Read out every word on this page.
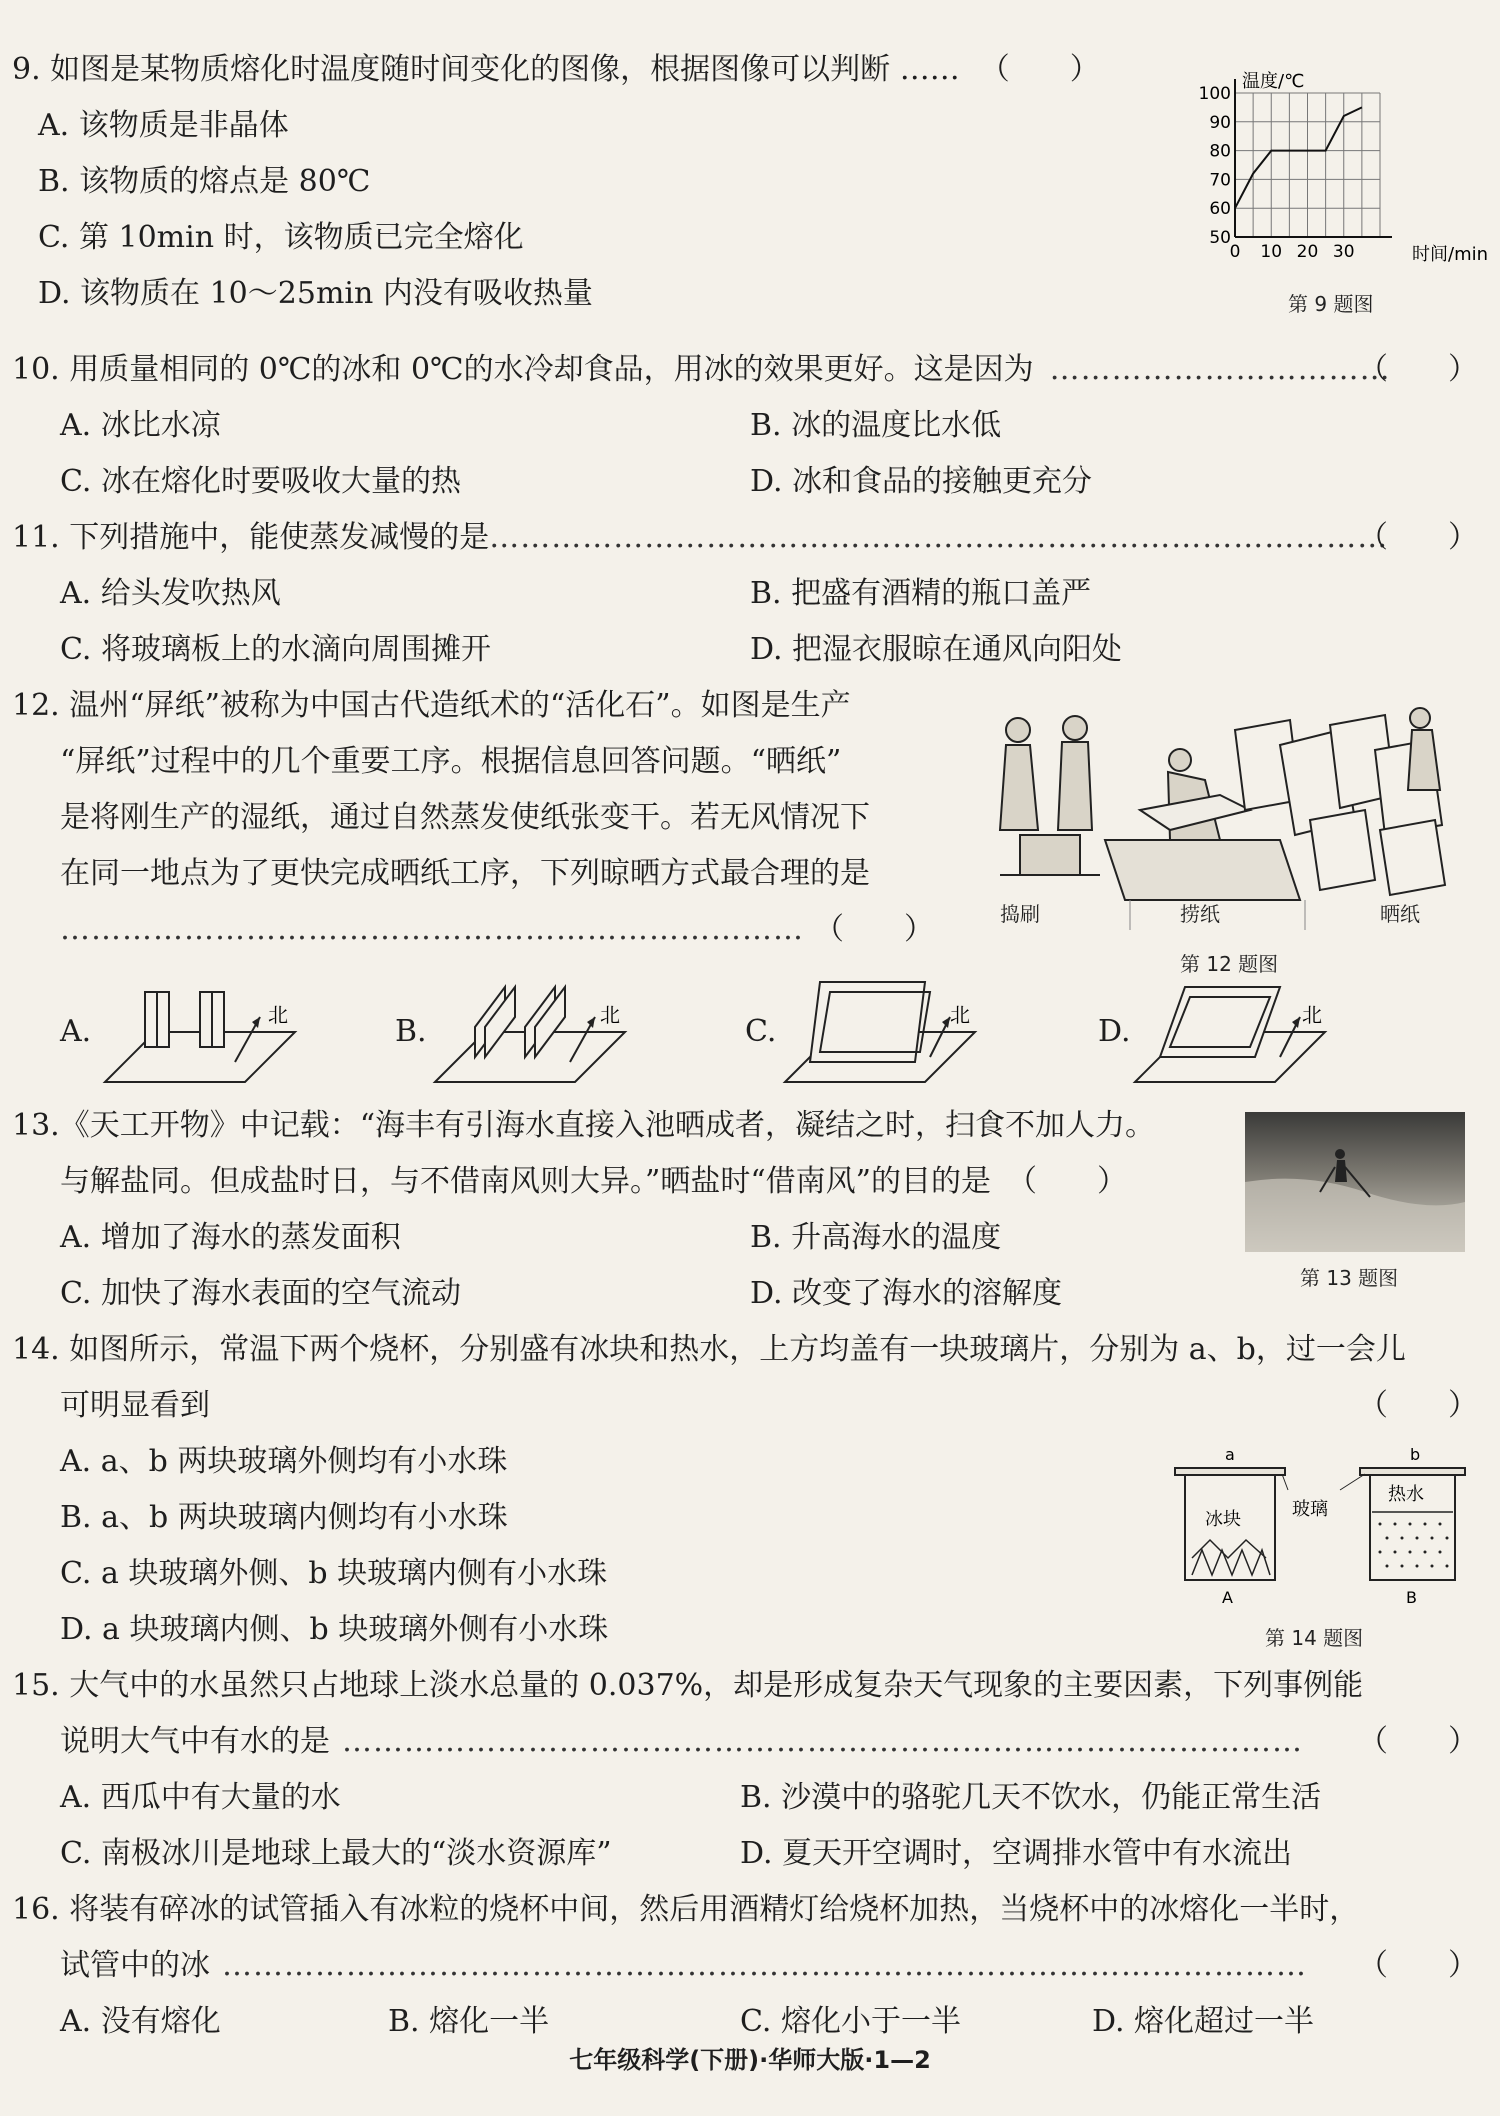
9. 如图是某物质熔化时温度随时间变化的图像，根据图像可以判断 …… （　　）
A. 该物质是非晶体
B. 该物质的熔点是 80℃
C. 第 10min 时，该物质已完全熔化
D. 该物质在 10～25min 内没有吸收热量
温度/℃
时间/min
50
60
70
80
90
100
0 10 20 30
第 9 题图
10. 用质量相同的 0℃的冰和 0℃的水冷却食品，用冰的效果更好。这是因为 ……………………………
（　　）
A. 冰比水凉	B. 冰的温度比水低
C. 冰在熔化时要吸收大量的热	D. 冰和食品的接触更充分
11. 下列措施中，能使蒸发减慢的是……………………………………………………………………………
（　　）
A. 给头发吹热风	B. 把盛有酒精的瓶口盖严
C. 将玻璃板上的水滴向周围摊开	D. 把湿衣服晾在通风向阳处
12. 温州“屏纸”被称为中国古代造纸术的“活化石”。如图是生产
“屏纸”过程中的几个重要工序。根据信息回答问题。“晒纸”
是将刚生产的湿纸，通过自然蒸发使纸张变干。若无风情况下
在同一地点为了更快完成晒纸工序，下列晾晒方式最合理的是
……………………………………………………………… （　　）	捣刷	捞纸	晒纸
第 12 题图
A.	北	B.	北	C.	北	D.	北
13.《天工开物》中记载：“海丰有引海水直接入池晒成者，凝结之时，扫食不加人力。
与解盐同。但成盐时日，与不借南风则大异。”晒盐时“借南风”的目的是 （　　）
A. 增加了海水的蒸发面积	B. 升高海水的温度
C. 加快了海水表面的空气流动	D. 改变了海水的溶解度	第 13 题图
14. 如图所示，常温下两个烧杯，分别盛有冰块和热水，上方均盖有一块玻璃片，分别为 a、b，过一会儿
可明显看到	（　　）
A. a、b 两块玻璃外侧均有小水珠
B. a、b 两块玻璃内侧均有小水珠
C. a 块玻璃外侧、b 块玻璃内侧有小水珠
D. a 块玻璃内侧、b 块玻璃外侧有小水珠
a	b
冰块
A
玻璃
热水
B
第 14 题图
15. 大气中的水虽然只占地球上淡水总量的 0.037%，却是形成复杂天气现象的主要因素，下列事例能
说明大气中有水的是 ………………………………………………………………………………… （　　）
A. 西瓜中有大量的水	B. 沙漠中的骆驼几天不饮水，仍能正常生活
C. 南极冰川是地球上最大的“淡水资源库”	D. 夏天开空调时，空调排水管中有水流出
16. 将装有碎冰的试管插入有冰粒的烧杯中间，然后用酒精灯给烧杯加热，当烧杯中的冰熔化一半时，
试管中的冰 …………………………………………………………………………………………… （　　）
A. 没有熔化	B. 熔化一半	C. 熔化小于一半	D. 熔化超过一半
七年级科学(下册)·华师大版·1—2
